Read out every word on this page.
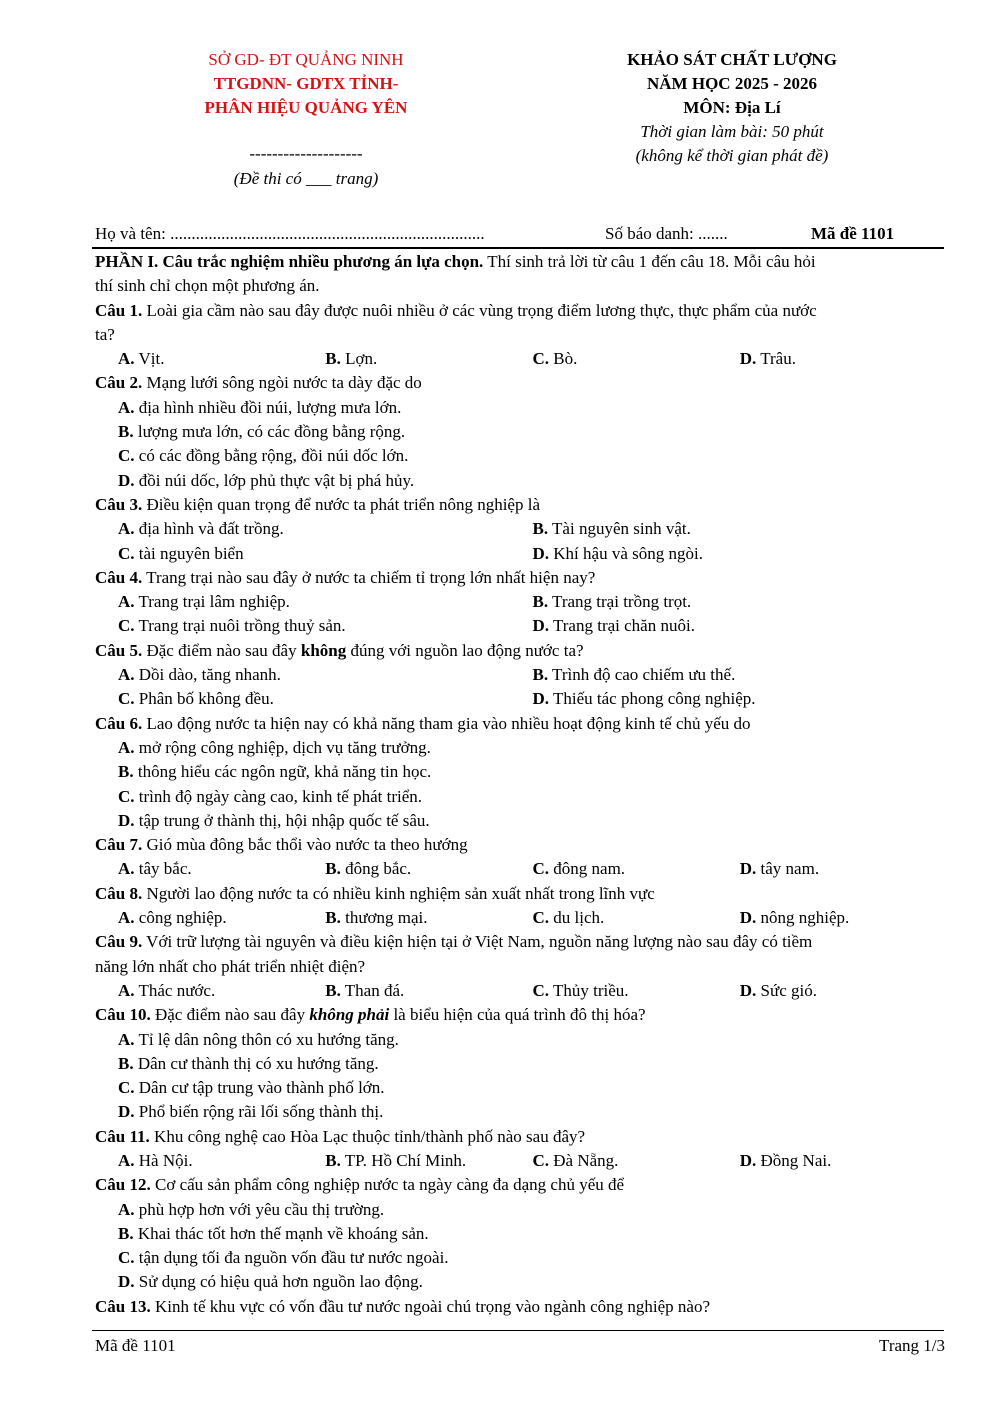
SỞ GD- ĐT QUẢNG NINH
TTGDNN- GDTX TỈNH-
PHÂN HIỆU QUẢNG YÊN
--------------------
(Đề thi có ___ trang)
KHẢO SÁT CHẤT LƯỢNG
NĂM HỌC 2025 - 2026
MÔN: Địa Lí
Thời gian làm bài: 50 phút
(không kể thời gian phát đề)
Họ và tên: ..........................................................................	Số báo danh: .......	Mã đề 1101
PHẦN I. Câu trắc nghiệm nhiều phương án lựa chọn. Thí sinh trả lời từ câu 1 đến câu 18. Mỗi câu hỏi
thí sinh chỉ chọn một phương án.
Câu 1. Loài gia cầm nào sau đây được nuôi nhiều ở các vùng trọng điểm lương thực, thực phẩm của nước
ta?
A. Vịt.	B. Lợn.	C. Bò.	D. Trâu.
Câu 2. Mạng lưới sông ngòi nước ta dày đặc do
A. địa hình nhiều đồi núi, lượng mưa lớn.
B. lượng mưa lớn, có các đồng bằng rộng.
C. có các đồng bằng rộng, đồi núi dốc lớn.
D. đồi núi dốc, lớp phủ thực vật bị phá hủy.
Câu 3. Điều kiện quan trọng để nước ta phát triển nông nghiệp là
A. địa hình và đất trồng.	B. Tài nguyên sinh vật.
C. tài nguyên biển	D. Khí hậu và sông ngòi.
Câu 4. Trang trại nào sau đây ở nước ta chiếm tỉ trọng lớn nhất hiện nay?
A. Trang trại lâm nghiệp.	B. Trang trại trồng trọt.
C. Trang trại nuôi trồng thuỷ sản.	D. Trang trại chăn nuôi.
Câu 5. Đặc điểm nào sau đây không đúng với nguồn lao động nước ta?
A. Dồi dào, tăng nhanh.	B. Trình độ cao chiếm ưu thế.
C. Phân bố không đều.	D. Thiếu tác phong công nghiệp.
Câu 6. Lao động nước ta hiện nay có khả năng tham gia vào nhiều hoạt động kinh tế chủ yếu do
A. mở rộng công nghiệp, dịch vụ tăng trưởng.
B. thông hiểu các ngôn ngữ, khả năng tin học.
C. trình độ ngày càng cao, kinh tế phát triển.
D. tập trung ở thành thị, hội nhập quốc tế sâu.
Câu 7. Gió mùa đông bắc thổi vào nước ta theo hướng
A. tây bắc.	B. đông bắc.	C. đông nam.	D. tây nam.
Câu 8. Người lao động nước ta có nhiều kinh nghiệm sản xuất nhất trong lĩnh vực
A. công nghiệp.	B. thương mại.	C. du lịch.	D. nông nghiệp.
Câu 9. Với trữ lượng tài nguyên và điều kiện hiện tại ở Việt Nam, nguồn năng lượng nào sau đây có tiềm
năng lớn nhất cho phát triển nhiệt điện?
A. Thác nước.	B. Than đá.	C. Thủy triều.	D. Sức gió.
Câu 10. Đặc điểm nào sau đây không phải là biểu hiện của quá trình đô thị hóa?
A. Tỉ lệ dân nông thôn có xu hướng tăng.
B. Dân cư thành thị có xu hướng tăng.
C. Dân cư tập trung vào thành phố lớn.
D. Phổ biến rộng rãi lối sống thành thị.
Câu 11. Khu công nghệ cao Hòa Lạc thuộc tỉnh/thành phố nào sau đây?
A. Hà Nội.	B. TP. Hồ Chí Minh.	C. Đà Nẵng.	D. Đồng Nai.
Câu 12. Cơ cấu sản phẩm công nghiệp nước ta ngày càng đa dạng chủ yếu để
A. phù hợp hơn với yêu cầu thị trường.
B. Khai thác tốt hơn thế mạnh về khoáng sản.
C. tận dụng tối đa nguồn vốn đầu tư nước ngoài.
D. Sử dụng có hiệu quả hơn nguồn lao động.
Câu 13. Kinh tế khu vực có vốn đầu tư nước ngoài chú trọng vào ngành công nghiệp nào?
Mã đề 1101	Trang 1/3
